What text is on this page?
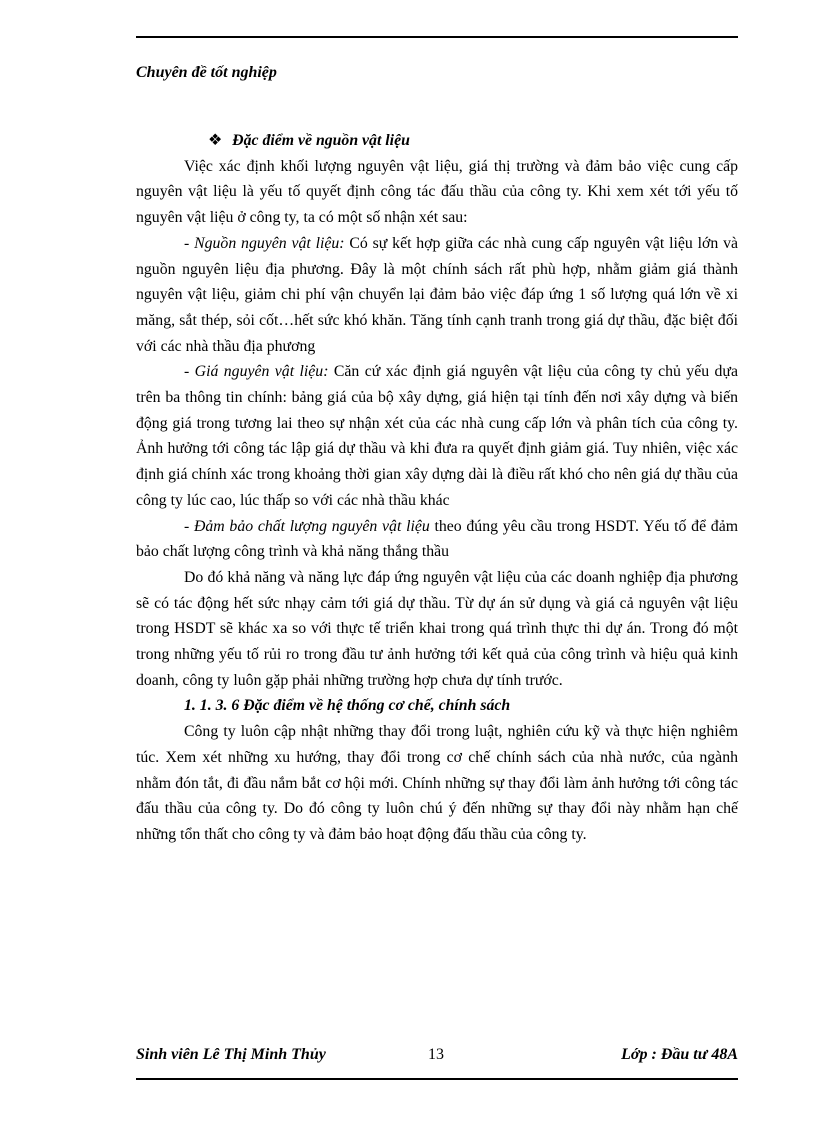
Chuyên đề tốt nghiệp

❖ Đặc điểm về nguồn vật liệu

Việc xác định khối lượng nguyên vật liệu, giá thị trường và đảm bảo việc cung cấp nguyên vật liệu là yếu tố quyết định công tác đấu thầu của công ty. Khi xem xét tới yếu tố nguyên vật liệu ở công ty, ta có một số nhận xét sau:

- Nguồn nguyên vật liệu: Có sự kết hợp giữa các nhà cung cấp nguyên vật liệu lớn và nguồn nguyên liệu địa phương. Đây là một chính sách rất phù hợp, nhằm giảm giá thành nguyên vật liệu, giảm chi phí vận chuyển lại đảm bảo việc đáp ứng 1 số lượng quá lớn về xi măng, sắt thép, sỏi cốt…hết sức khó khăn. Tăng tính cạnh tranh trong giá dự thầu, đặc biệt đối với các nhà thầu địa phương

- Giá nguyên vật liệu: Căn cứ xác định giá nguyên vật liệu của công ty chủ yếu dựa trên ba thông tin chính: bảng giá của bộ xây dựng, giá hiện tại tính đến nơi xây dựng và biến động giá trong tương lai theo sự nhận xét của các nhà cung cấp lớn và phân tích của công ty. Ảnh hưởng tới công tác lập giá dự thầu và khi đưa ra quyết định giảm giá. Tuy nhiên, việc xác định giá chính xác trong khoảng thời gian xây dựng dài là điều rất khó cho nên giá dự thầu của công ty lúc cao, lúc thấp so với các nhà thầu khác

- Đảm bảo chất lượng nguyên vật liệu theo đúng yêu cầu trong HSDT. Yếu tố để đảm bảo chất lượng công trình và khả năng thắng thầu

Do đó khả năng và năng lực đáp ứng nguyên vật liệu của các doanh nghiệp địa phương sẽ có tác động hết sức nhạy cảm tới giá dự thầu. Từ dự án sử dụng và giá cả nguyên vật liệu trong HSDT sẽ khác xa so với thực tế triển khai trong quá trình thực thi dự án. Trong đó một trong những yếu tố rủi ro trong đầu tư ảnh hưởng tới kết quả của công trình và hiệu quả kinh doanh, công ty luôn gặp phải những trường hợp chưa dự tính trước.

1. 1. 3. 6 Đặc điểm về hệ thống cơ chế, chính sách

Công ty luôn cập nhật những thay đổi trong luật, nghiên cứu kỹ và thực hiện nghiêm túc. Xem xét những xu hướng, thay đổi trong cơ chế chính sách của nhà nước, của ngành nhằm đón tắt, đi đầu nắm bắt cơ hội mới. Chính những sự thay đổi làm ảnh hưởng tới công tác đấu thầu của công ty. Do đó công ty luôn chú ý đến những sự thay đổi này nhằm hạn chế những tổn thất cho công ty và đảm bảo hoạt động đấu thầu của công ty.

Sinh viên Lê Thị Minh Thủy	13	Lớp : Đầu tư 48A
